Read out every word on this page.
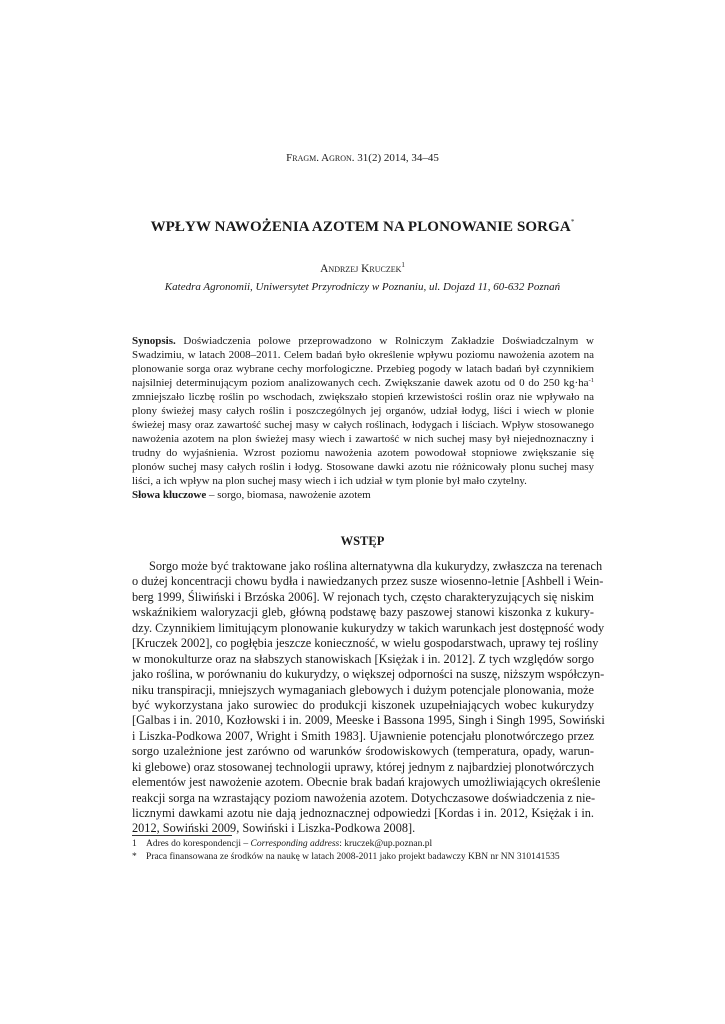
Fragm. Agron. 31(2) 2014, 34–45
WPŁYW NAWOŻENIA AZOTEM NA PLONOWANIE SORGA*
Andrzej Kruczek$^1$
Katedra Agronomii, Uniwersytet Przyrodniczy w Poznaniu, ul. Dojazd 11, 60-632 Poznań
Synopsis. Doświadczenia polowe przeprowadzono w Rolniczym Zakładzie Doświadczalnym w Swadzimiu, w latach 2008–2011. Celem badań było określenie wpływu poziomu nawożenia azotem na plonowanie sorga oraz wybrane cechy morfologiczne. Przebieg pogody w latach badań był czynnikiem najsilniej determinującym poziom analizowanych cech. Zwiększanie dawek azotu od 0 do 250 $kg\cdot ha^{-1}$ zmniejszało liczbę roślin po wschodach, zwiększało stopień krzewistości roślin oraz nie wpływało na plony świeżej masy całych roślin i poszczególnych jej organów, udział łodyg, liści i wiech w plonie świeżej masy oraz zawartość suchej masy w całych roślinach, łodygach i liściach. Wpływ stosowanego nawożenia azotem na plon świeżej masy wiech i zawartość w nich suchej masy był niejednoznaczny i trudny do wyjaśnienia. Wzrost poziomu nawożenia azotem powodował stopniowe zwiększanie się plonów suchej masy całych roślin i łodyg. Stosowane dawki azotu nie różnicowały plonu suchej masy liści, a ich wpływ na plon suchej masy wiech i ich udział w tym plonie był mało czytelny.
Słowa kluczowe – sorgo, biomasa, nawożenie azotem
WSTĘP
Sorgo może być traktowane jako roślina alternatywna dla kukurydzy, zwłaszcza na terenach
o dużej koncentracji chowu bydła i nawiedzanych przez susze wiosenno-letnie [Ashbell i Wein-
berg 1999, Śliwiński i Brzóska 2006]. W rejonach tych, często charakteryzujących się niskim
wskaźnikiem waloryzacji gleb, główną podstawę bazy paszowej stanowi kiszonka z kukury-
dzy. Czynnikiem limitującym plonowanie kukurydzy w takich warunkach jest dostępność wody
[Kruczek 2002], co pogłębia jeszcze konieczność, w wielu gospodarstwach, uprawy tej rośliny
w monokulturze oraz na słabszych stanowiskach [Księżak i in. 2012]. Z tych względów sorgo
jako roślina, w porównaniu do kukurydzy, o większej odporności na suszę, niższym współczyn-
niku transpiracji, mniejszych wymaganiach glebowych i dużym potencjale plonowania, może
być wykorzystana jako surowiec do produkcji kiszonek uzupełniających wobec kukurydzy
[Galbas i in. 2010, Kozłowski i in. 2009, Meeske i Bassona 1995, Singh i Singh 1995, Sowiński
i Liszka-Podkowa 2007, Wright i Smith 1983]. Ujawnienie potencjału plonotwórczego przez
sorgo uzależnione jest zarówno od warunków środowiskowych (temperatura, opady, warun-
ki glebowe) oraz stosowanej technologii uprawy, której jednym z najbardziej plonotwórczych
elementów jest nawożenie azotem. Obecnie brak badań krajowych umożliwiających określenie
reakcji sorga na wzrastający poziom nawożenia azotem. Dotychczasowe doświadczenia z nie-
licznymi dawkami azotu nie dają jednoznacznej odpowiedzi [Kordas i in. 2012, Księżak i in.
2012, Sowiński 2009, Sowiński i Liszka-Podkowa 2008].
1 Adres do korespondencji – Corresponding address: kruczek@up.poznan.pl
* Praca finansowana ze środków na naukę w latach 2008-2011 jako projekt badawczy KBN nr NN 310141535
